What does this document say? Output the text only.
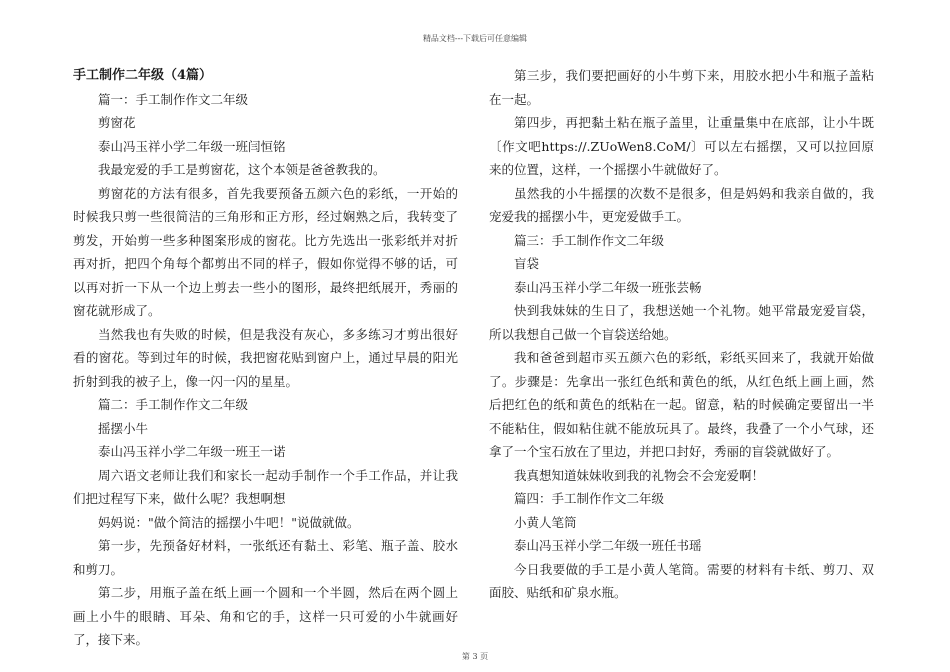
精品文档---下载后可任意编辑

手工制作二年级（4篇）

篇一：手工制作作文二年级

剪窗花

泰山冯玉祥小学二年级一班闫恒铭

我最宠爱的手工是剪窗花，这个本领是爸爸教我的。

剪窗花的方法有很多，首先我要预备五颜六色的彩纸，一开始的时候我只剪一些很简洁的三角形和正方形，经过娴熟之后，我转变了剪发，开始剪一些多种图案形成的窗花。比方先选出一张彩纸并对折再对折，把四个角每个都剪出不同的样子，假如你觉得不够的话，可以再对折一下从一个边上剪去一些小的图形，最终把纸展开，秀丽的窗花就形成了。

当然我也有失败的时候，但是我没有灰心，多多练习才剪出很好看的窗花。等到过年的时候，我把窗花贴到窗户上，通过早晨的阳光折射到我的被子上，像一闪一闪的星星。

篇二：手工制作作文二年级

摇摆小牛

泰山冯玉祥小学二年级一班王一诺

周六语文老师让我们和家长一起动手制作一个手工作品，并让我们把过程写下来，做什么呢？我想啊想

妈妈说："做个简洁的摇摆小牛吧！"说做就做。

第一步，先预备好材料，一张纸还有黏土、彩笔、瓶子盖、胶水和剪刀。

第二步，用瓶子盖在纸上画一个圆和一个半圆，然后在两个圆上画上小牛的眼睛、耳朵、角和它的手，这样一只可爱的小牛就画好了，接下来。

第三步，我们要把画好的小牛剪下来，用胶水把小牛和瓶子盖粘在一起。

第四步，再把黏土粘在瓶子盖里，让重量集中在底部，让小牛既〔作文吧https://.ZUoWen8.CoM/〕可以左右摇摆，又可以拉回原来的位置，这样，一个摇摆小牛就做好了。

虽然我的小牛摇摆的次数不是很多，但是妈妈和我亲自做的，我宠爱我的摇摆小牛，更宠爱做手工。

篇三：手工制作作文二年级

盲袋

泰山冯玉祥小学二年级一班张芸畅

快到我妹妹的生日了，我想送她一个礼物。她平常最宠爱盲袋，所以我想自己做一个盲袋送给她。

我和爸爸到超市买五颜六色的彩纸，彩纸买回来了，我就开始做了。步骤是：先拿出一张红色纸和黄色的纸，从红色纸上画上画，然后把红色的纸和黄色的纸粘在一起。留意，粘的时候确定要留出一半不能粘住，假如粘住就不能放玩具了。最终，我叠了一个小气球，还拿了一个宝石放在了里边，并把口封好，秀丽的盲袋就做好了。

我真想知道妹妹收到我的礼物会不会宠爱啊！

篇四：手工制作作文二年级

小黄人笔筒

泰山冯玉祥小学二年级一班任书瑶

今日我要做的手工是小黄人笔筒。需要的材料有卡纸、剪刀、双面胶、贴纸和矿泉水瓶。

第 3 页
